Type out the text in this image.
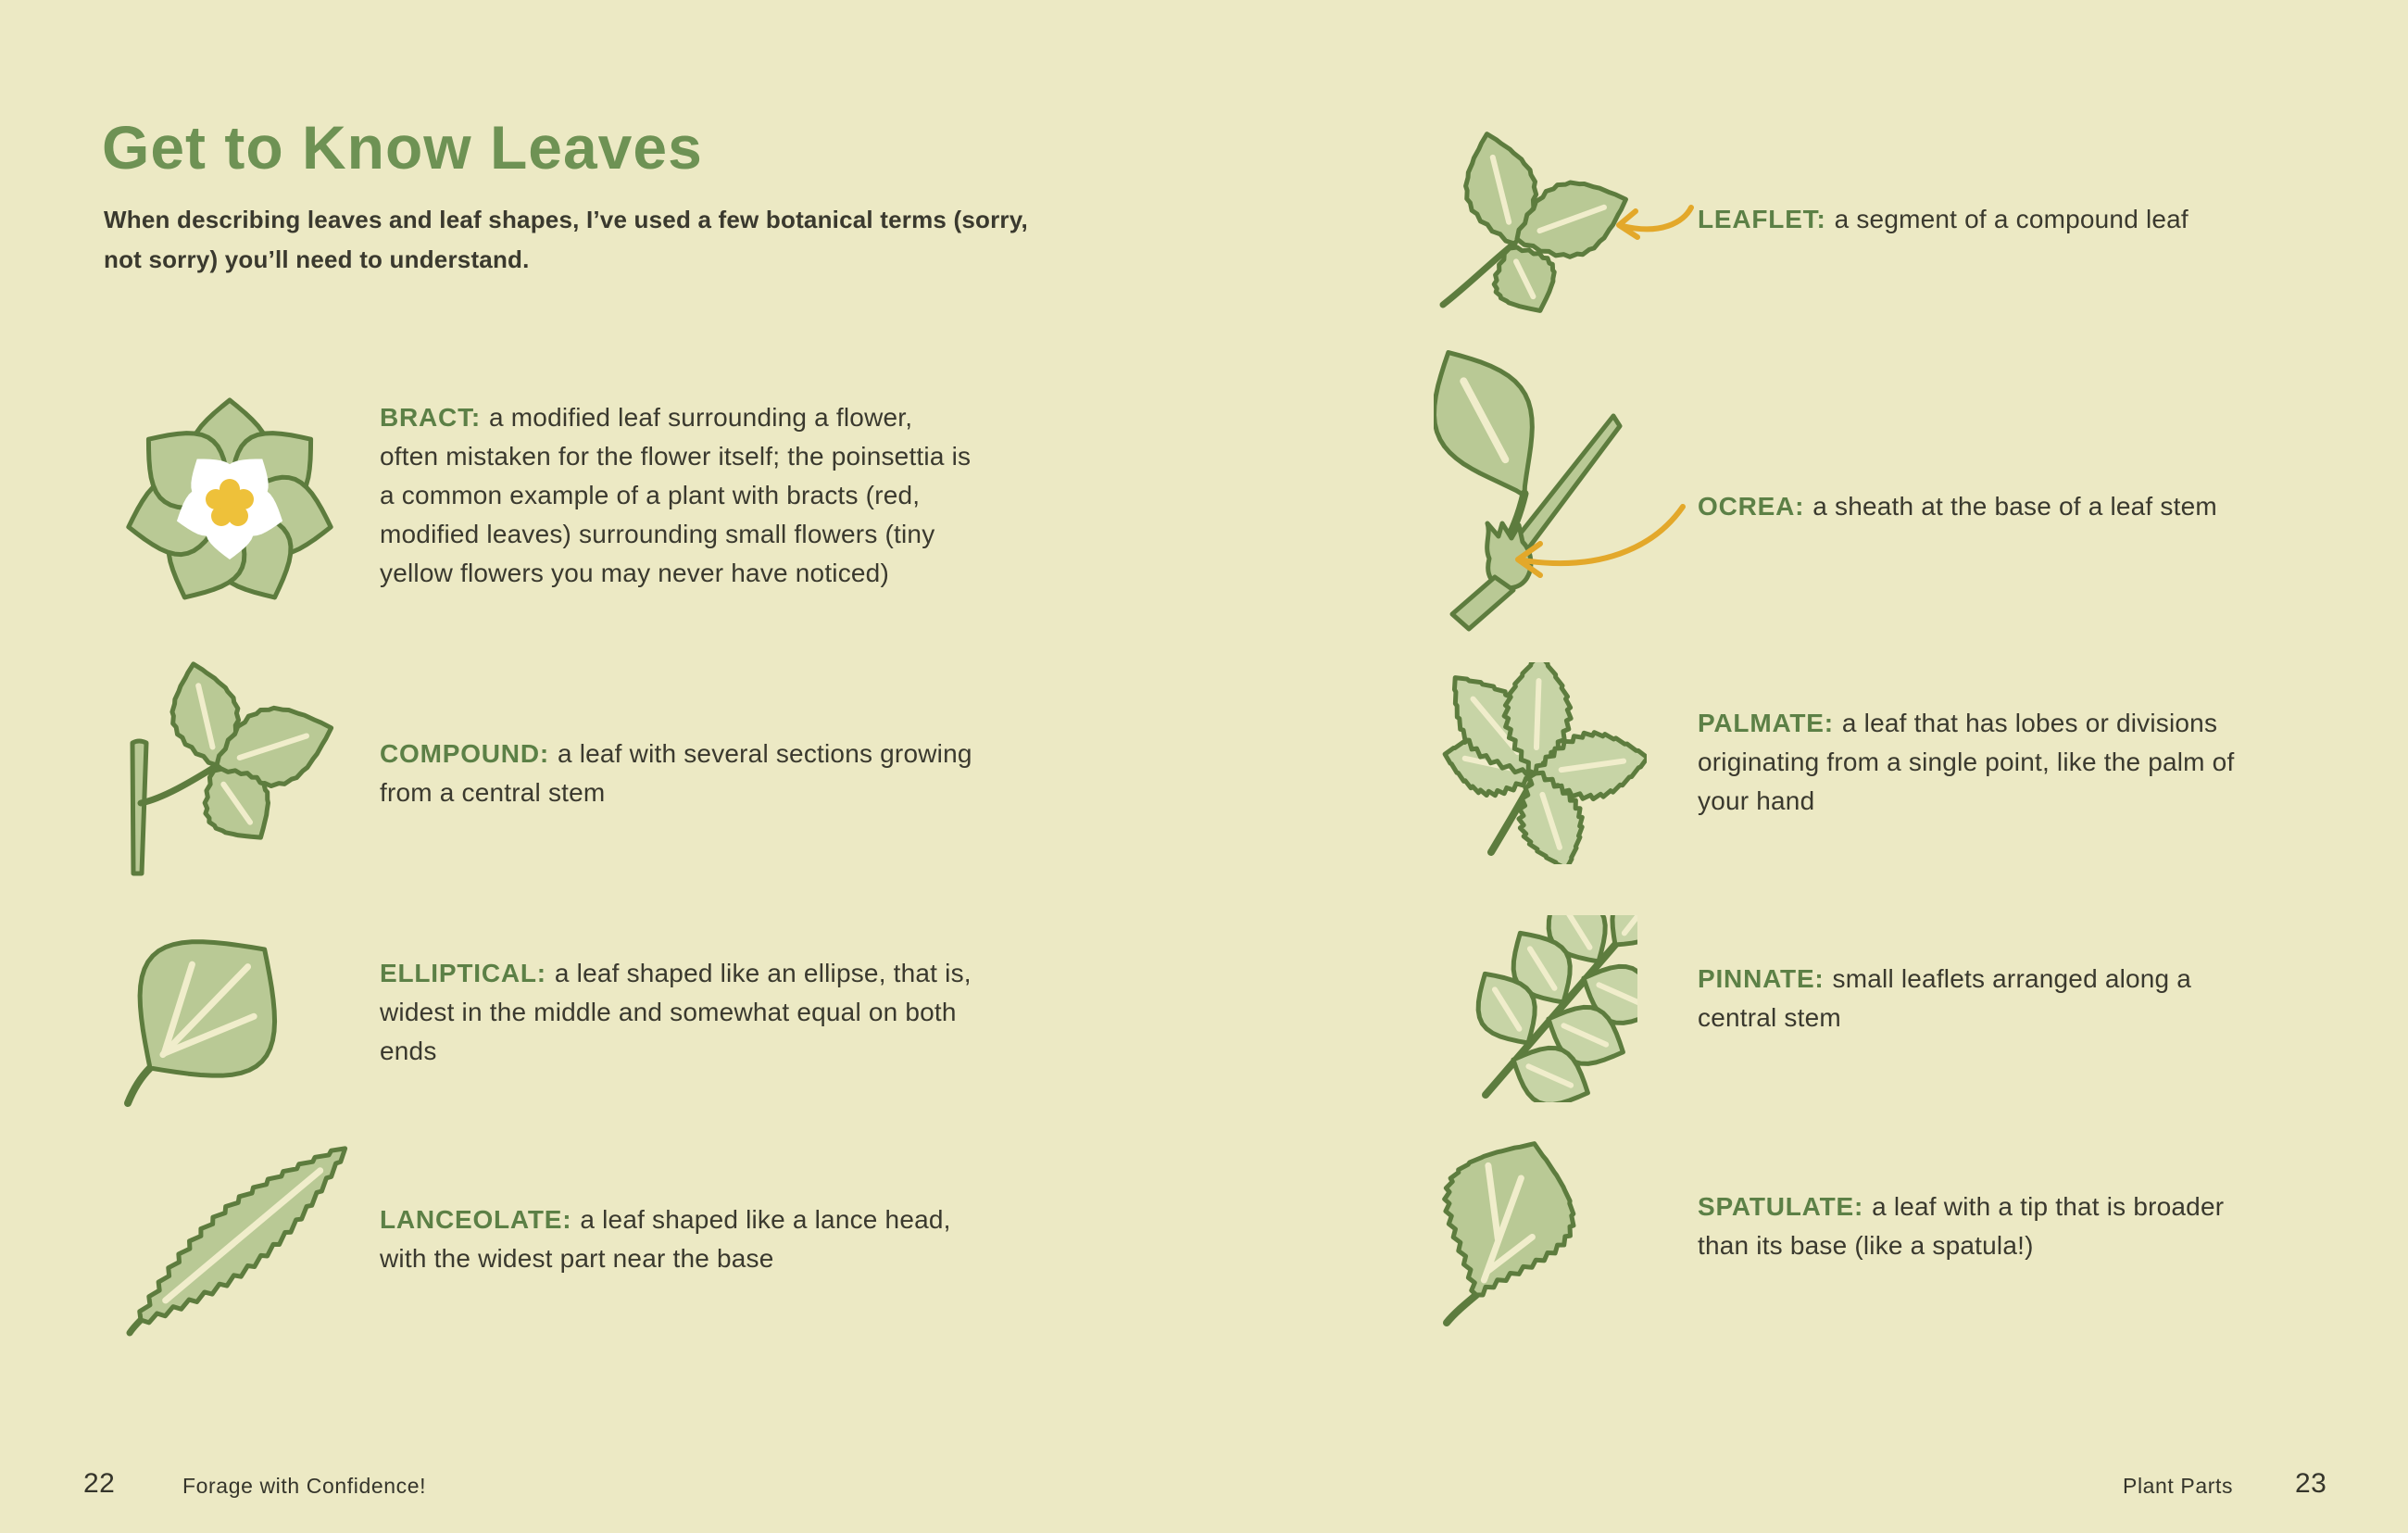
Get to Know Leaves
When describing leaves and leaf shapes, I’ve used a few botanical terms (sorry, not sorry) you’ll need to understand.

BRACT: a modified leaf surrounding a flower, often mistaken for the flower itself; the poinsettia is a common example of a plant with bracts (red, modified leaves) surrounding small flowers (tiny yellow flowers you may never have noticed)

COMPOUND: a leaf with several sections growing from a central stem

ELLIPTICAL: a leaf shaped like an ellipse, that is, widest in the middle and somewhat equal on both ends

LANCEOLATE: a leaf shaped like a lance head, with the widest part near the base

22	Forage with Confidence!

LEAFLET: a segment of a compound leaf

OCREA: a sheath at the base of a leaf stem

PALMATE: a leaf that has lobes or divisions originating from a single point, like the palm of your hand

PINNATE: small leaflets arranged along a central stem

SPATULATE: a leaf with a tip that is broader than its base (like a spatula!)

Plant Parts 23
